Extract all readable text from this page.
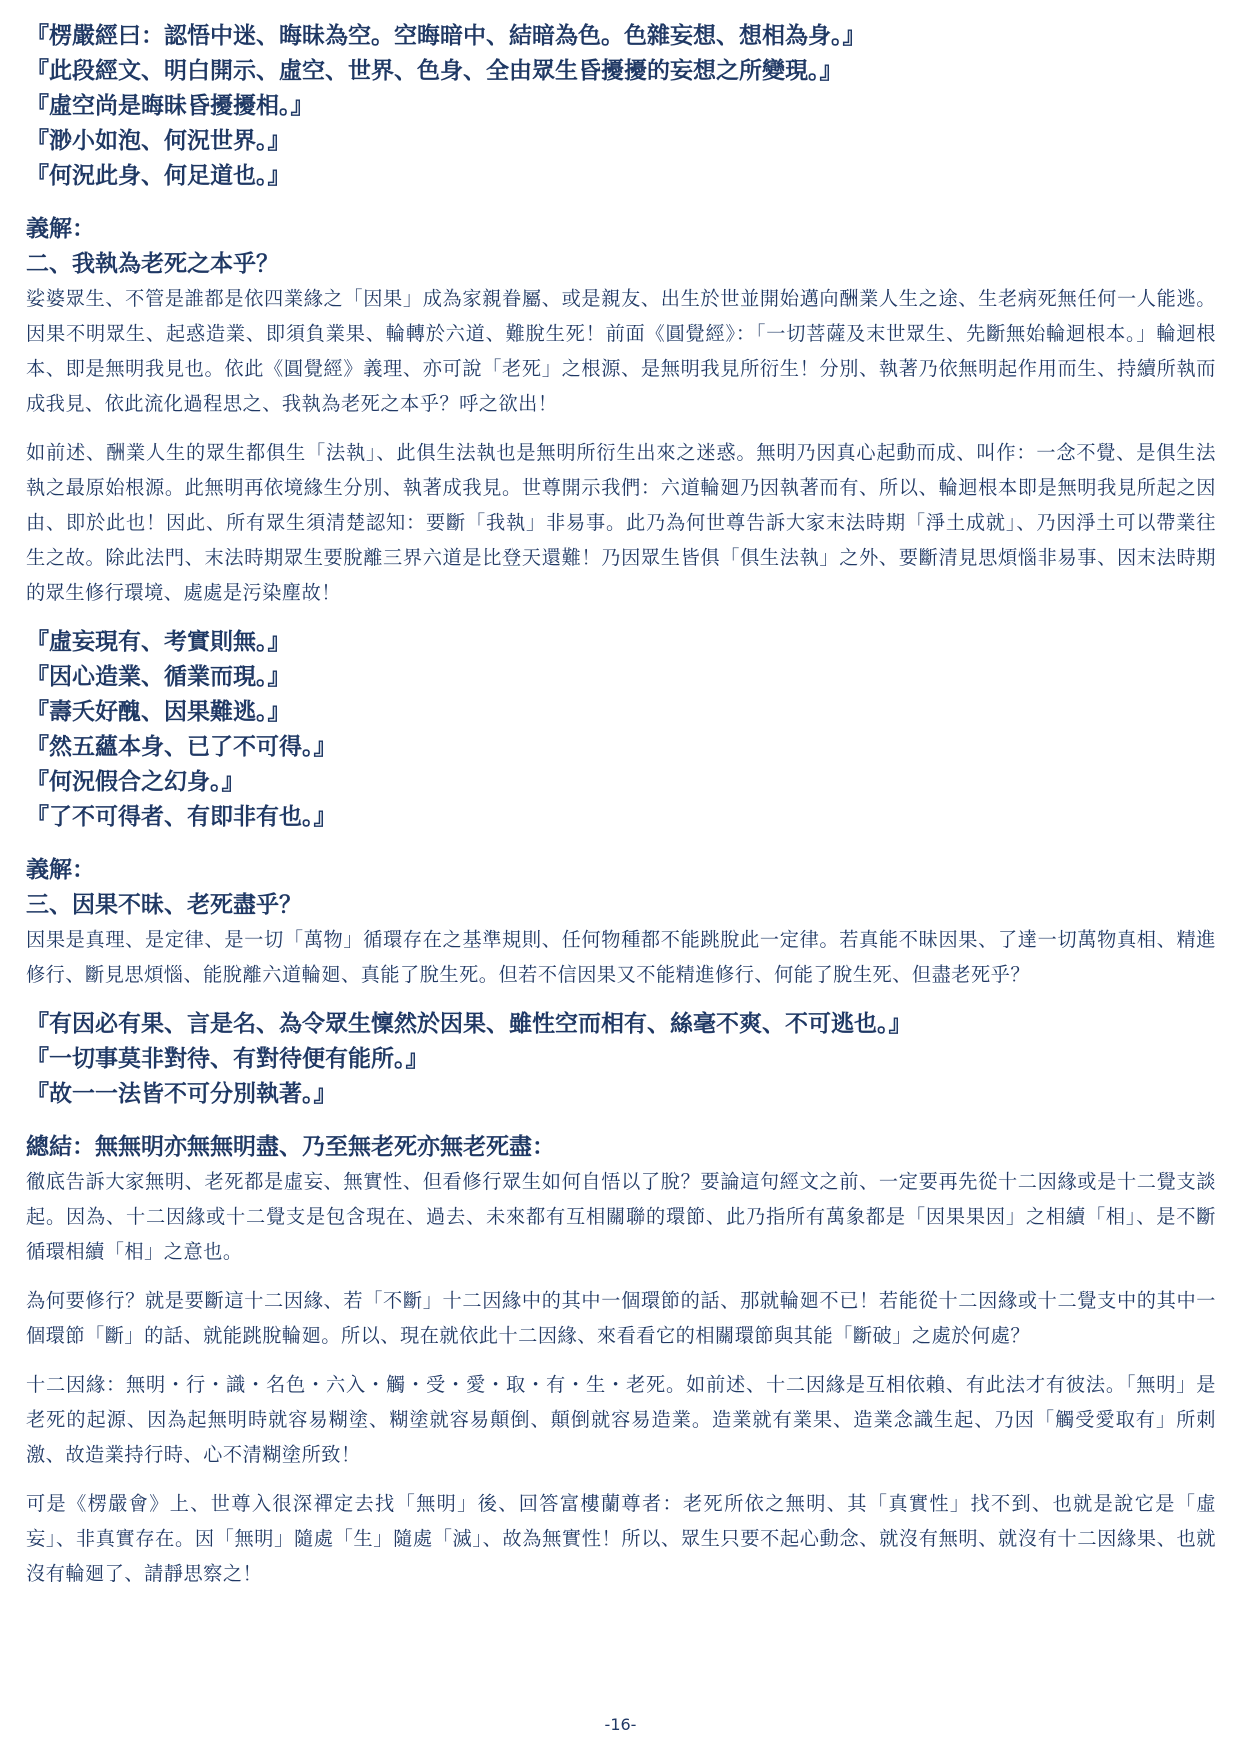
『楞嚴經曰：認悟中迷、晦昧為空。空晦暗中、結暗為色。色雜妄想、想相為身。』
『此段經文、明白開示、虛空、世界、色身、全由眾生昏擾擾的妄想之所變現。』
『虛空尚是晦昧昏擾擾相。』
『渺小如泡、何況世界。』
『何況此身、何足道也。』
義解：
二、我執為老死之本乎？

娑婆眾生、不管是誰都是依四業緣之「因果」成為家親眷屬、或是親友、出生於世並開始邁向酬業人生之途、生老病死無任何一人能逃。因果不明眾生、起惑造業、即須負業果、輪轉於六道、難脫生死！前面《圓覺經》：「一切菩薩及末世眾生、先斷無始輪迴根本。」輪迴根本、即是無明我見也。依此《圓覺經》義理、亦可說「老死」之根源、是無明我見所衍生！分別、執著乃依無明起作用而生、持續所執而成我見、依此流化過程思之、我執為老死之本乎？呼之欲出！

如前述、酬業人生的眾生都俱生「法執」、此俱生法執也是無明所衍生出來之迷惑。無明乃因真心起動而成、叫作：一念不覺、是俱生法執之最原始根源。此無明再依境緣生分別、執著成我見。世尊開示我們：六道輪廻乃因執著而有、所以、輪迴根本即是無明我見所起之因由、即於此也！因此、所有眾生須清楚認知：要斷「我執」非易事。此乃為何世尊告訴大家末法時期「淨土成就」、乃因淨土可以帶業往生之故。除此法門、末法時期眾生要脫離三界六道是比登天還難！乃因眾生皆俱「俱生法執」之外、要斷清見思煩惱非易事、因末法時期的眾生修行環境、處處是污染塵故！

『虛妄現有、考實則無。』
『因心造業、循業而現。』
『壽夭好醜、因果難逃。』
『然五蘊本身、已了不可得。』
『何況假合之幻身。』
『了不可得者、有即非有也。』
義解：
三、因果不昧、老死盡乎？

因果是真理、是定律、是一切「萬物」循環存在之基準規則、任何物種都不能跳脫此一定律。若真能不昧因果、了達一切萬物真相、精進修行、斷見思煩惱、能脫離六道輪廻、真能了脫生死。但若不信因果又不能精進修行、何能了脫生死、但盡老死乎？

『有因必有果、言是名、為令眾生懍然於因果、雖性空而相有、絲毫不爽、不可逃也。』
『一切事莫非對待、有對待便有能所。』
『故一一法皆不可分別執著。』
總結：無無明亦無無明盡、乃至無老死亦無老死盡：

徹底告訴大家無明、老死都是虛妄、無實性、但看修行眾生如何自悟以了脫？要論這句經文之前、一定要再先從十二因緣或是十二覺支談起。因為、十二因緣或十二覺支是包含現在、過去、未來都有互相關聯的環節、此乃指所有萬象都是「因果果因」之相續「相」、是不斷循環相續「相」之意也。

為何要修行？就是要斷這十二因緣、若「不斷」十二因緣中的其中一個環節的話、那就輪廻不已！若能從十二因緣或十二覺支中的其中一個環節「斷」的話、就能跳脫輪廻。所以、現在就依此十二因緣、來看看它的相關環節與其能「斷破」之處於何處？

十二因緣：無明・行・識・名色・六入・觸・受・愛・取・有・生・老死。如前述、十二因緣是互相依賴、有此法才有彼法。「無明」是老死的起源、因為起無明時就容易糊塗、糊塗就容易顛倒、顛倒就容易造業。造業就有業果、造業念識生起、乃因「觸受愛取有」所刺激、故造業持行時、心不清糊塗所致！

可是《楞嚴會》上、世尊入很深禪定去找「無明」後、回答富樓蘭尊者：老死所依之無明、其「真實性」找不到、也就是說它是「虛妄」、非真實存在。因「無明」隨處「生」隨處「滅」、故為無實性！所以、眾生只要不起心動念、就沒有無明、就沒有十二因緣果、也就沒有輪廻了、請靜思察之！

-16-
